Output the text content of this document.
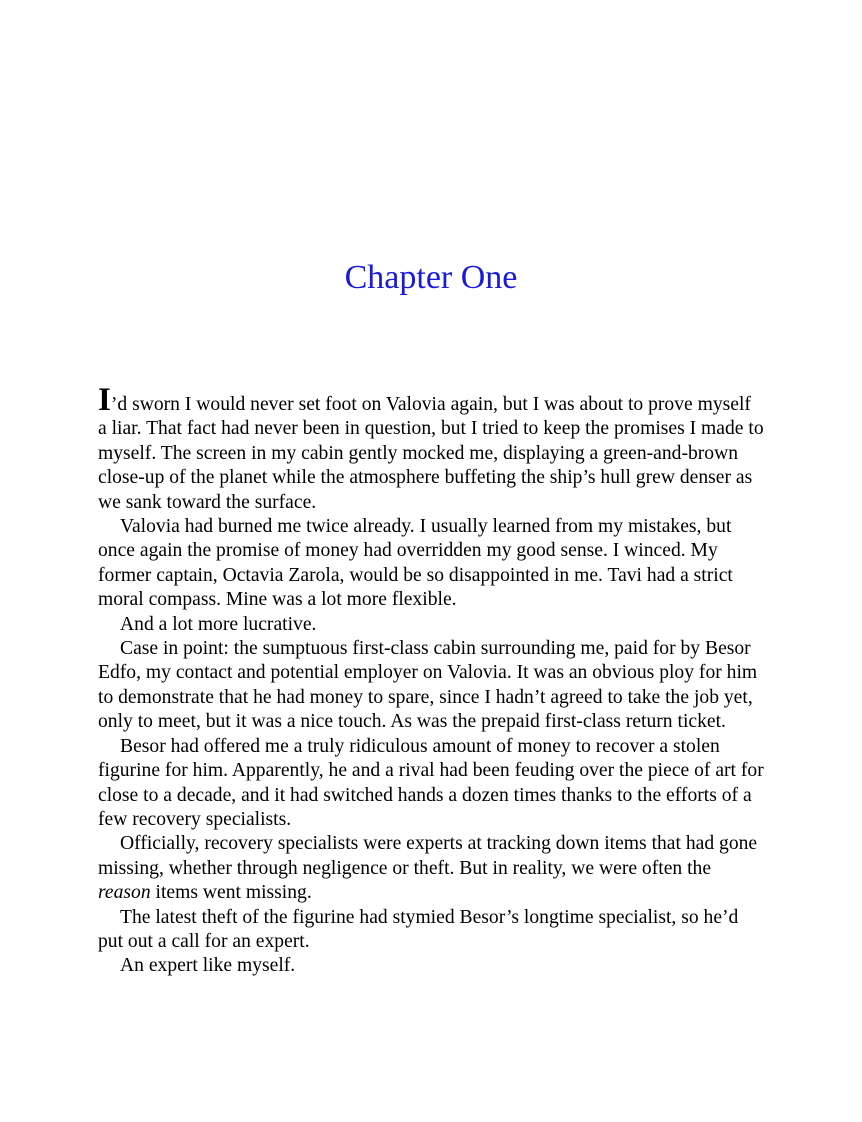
Chapter One

I’d sworn I would never set foot on Valovia again, but I was about to prove myself a liar. That fact had never been in question, but I tried to keep the promises I made to myself. The screen in my cabin gently mocked me, displaying a green-and-brown close-up of the planet while the atmosphere buffeting the ship’s hull grew denser as we sank toward the surface.

Valovia had burned me twice already. I usually learned from my mistakes, but once again the promise of money had overridden my good sense. I winced. My former captain, Octavia Zarola, would be so disappointed in me. Tavi had a strict moral compass. Mine was a lot more flexible.

And a lot more lucrative.

Case in point: the sumptuous first-class cabin surrounding me, paid for by Besor Edfo, my contact and potential employer on Valovia. It was an obvious ploy for him to demonstrate that he had money to spare, since I hadn’t agreed to take the job yet, only to meet, but it was a nice touch. As was the prepaid first-class return ticket.

Besor had offered me a truly ridiculous amount of money to recover a stolen figurine for him. Apparently, he and a rival had been feuding over the piece of art for close to a decade, and it had switched hands a dozen times thanks to the efforts of a few recovery specialists.

Officially, recovery specialists were experts at tracking down items that had gone missing, whether through negligence or theft. But in reality, we were often the reason items went missing.

The latest theft of the figurine had stymied Besor’s longtime specialist, so he’d put out a call for an expert.

An expert like myself.
